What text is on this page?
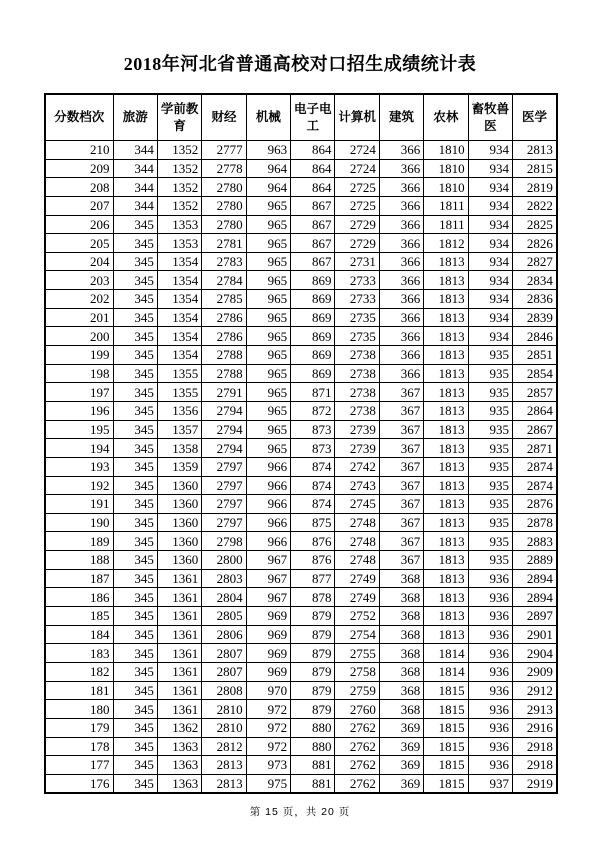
2018年河北省普通高校对口招生成绩统计表
分数档次	旅游	学前教育	财经	机械	电子电工	计算机	建筑	农林	畜牧兽医	医学
210	344	1352	2777	963	864	2724	366	1810	934	2813
209	344	1352	2778	964	864	2724	366	1810	934	2815
208	344	1352	2780	964	864	2725	366	1810	934	2819
207	344	1352	2780	965	867	2725	366	1811	934	2822
206	345	1353	2780	965	867	2729	366	1811	934	2825
205	345	1353	2781	965	867	2729	366	1812	934	2826
204	345	1354	2783	965	867	2731	366	1813	934	2827
203	345	1354	2784	965	869	2733	366	1813	934	2834
202	345	1354	2785	965	869	2733	366	1813	934	2836
201	345	1354	2786	965	869	2735	366	1813	934	2839
200	345	1354	2786	965	869	2735	366	1813	934	2846
199	345	1354	2788	965	869	2738	366	1813	935	2851
198	345	1355	2788	965	869	2738	366	1813	935	2854
197	345	1355	2791	965	871	2738	367	1813	935	2857
196	345	1356	2794	965	872	2738	367	1813	935	2864
195	345	1357	2794	965	873	2739	367	1813	935	2867
194	345	1358	2794	965	873	2739	367	1813	935	2871
193	345	1359	2797	966	874	2742	367	1813	935	2874
192	345	1360	2797	966	874	2743	367	1813	935	2874
191	345	1360	2797	966	874	2745	367	1813	935	2876
190	345	1360	2797	966	875	2748	367	1813	935	2878
189	345	1360	2798	966	876	2748	367	1813	935	2883
188	345	1360	2800	967	876	2748	367	1813	935	2889
187	345	1361	2803	967	877	2749	368	1813	936	2894
186	345	1361	2804	967	878	2749	368	1813	936	2894
185	345	1361	2805	969	879	2752	368	1813	936	2897
184	345	1361	2806	969	879	2754	368	1813	936	2901
183	345	1361	2807	969	879	2755	368	1814	936	2904
182	345	1361	2807	969	879	2758	368	1814	936	2909
181	345	1361	2808	970	879	2759	368	1815	936	2912
180	345	1361	2810	972	879	2760	368	1815	936	2913
179	345	1362	2810	972	880	2762	369	1815	936	2916
178	345	1363	2812	972	880	2762	369	1815	936	2918
177	345	1363	2813	973	881	2762	369	1815	936	2918
176	345	1363	2813	975	881	2762	369	1815	937	2919
第 15 页，共 20 页
